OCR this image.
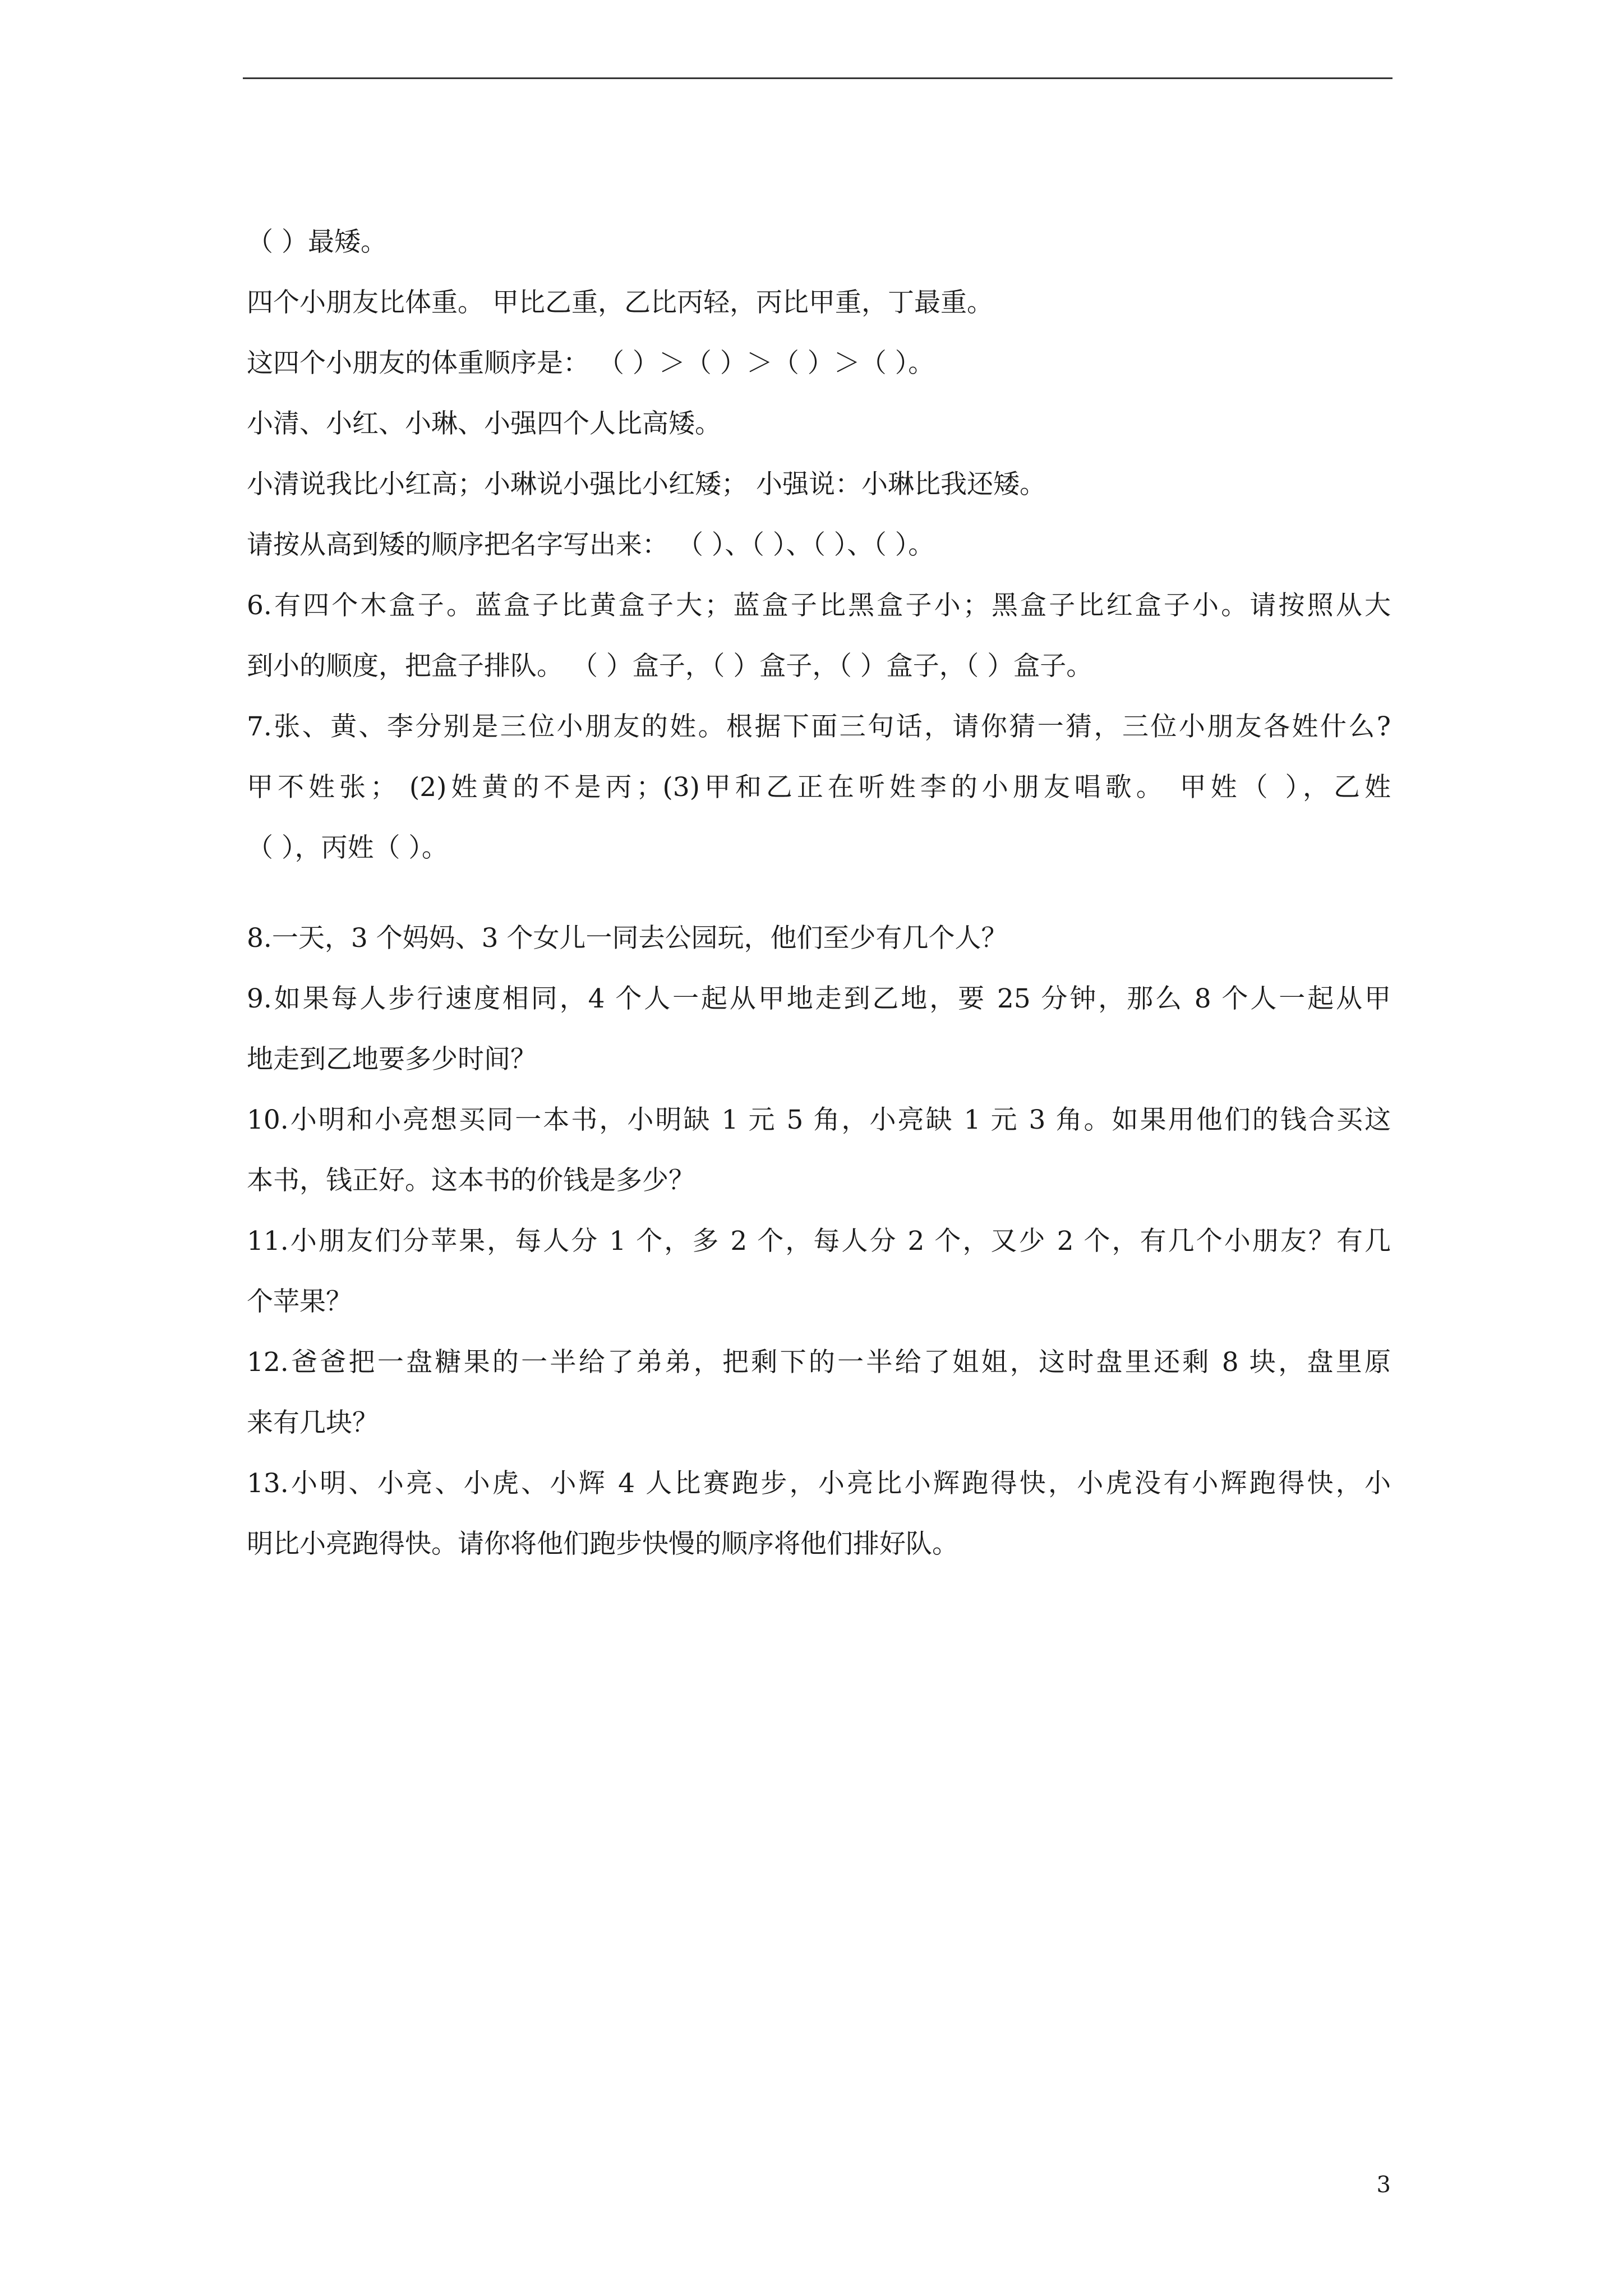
（ ）最矮。
四个小朋友比体重。 甲比乙重，乙比丙轻，丙比甲重，丁最重。
这四个小朋友的体重顺序是： （ ）＞（ ）＞（ ）＞（ ）。
小清、小红、小琳、小强四个人比高矮。
小清说我比小红高；小琳说小强比小红矮； 小强说：小琳比我还矮。
请按从高到矮的顺序把名字写出来： （ ）、（ ）、（ ）、（ ）。
6.有四个木盒子。蓝盒子比黄盒子大；蓝盒子比黑盒子小；黑盒子比红盒子小。请按照从大
到小的顺度，把盒子排队。 （ ）盒子，（ ）盒子，（ ）盒子，（ ）盒子。
7.张、黄、李分别是三位小朋友的姓。根据下面三句话，请你猜一猜，三位小朋友各姓什么?
甲不姓张； (2)姓黄的不是丙；(3)甲和乙正在听姓李的小朋友唱歌。 甲姓（ ），乙姓
（ ），丙姓（ ）。
8.一天，3 个妈妈、3 个女儿一同去公园玩，他们至少有几个人？
9.如果每人步行速度相同，4 个人一起从甲地走到乙地，要 25 分钟，那么 8 个人一起从甲
地走到乙地要多少时间？
10.小明和小亮想买同一本书，小明缺 1 元 5 角，小亮缺 1 元 3 角。如果用他们的钱合买这
本书，钱正好。这本书的价钱是多少？
11.小朋友们分苹果，每人分 1 个，多 2 个，每人分 2 个，又少 2 个，有几个小朋友？有几
个苹果？
12.爸爸把一盘糖果的一半给了弟弟，把剩下的一半给了姐姐，这时盘里还剩 8 块，盘里原
来有几块？
13.小明、小亮、小虎、小辉 4 人比赛跑步，小亮比小辉跑得快，小虎没有小辉跑得快，小
明比小亮跑得快。请你将他们跑步快慢的顺序将他们排好队。
3
